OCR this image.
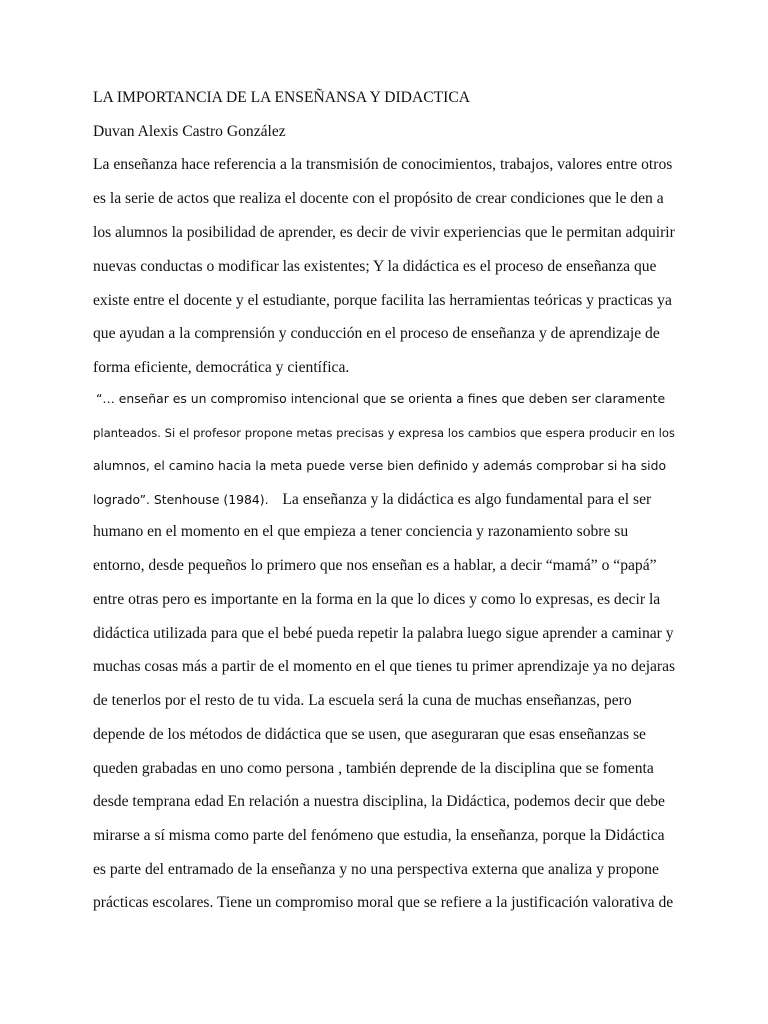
LA IMPORTANCIA DE LA ENSEÑANSA Y DIDACTICA
Duvan Alexis Castro González
La enseñanza hace referencia a la transmisión de conocimientos, trabajos, valores entre otros
es la serie de actos que realiza el docente con el propósito de crear condiciones que le den a
los alumnos la posibilidad de aprender, es decir de vivir experiencias que le permitan adquirir
nuevas conductas o modificar las existentes; Y la didáctica es el proceso de enseñanza que
existe entre el docente y el estudiante, porque facilita las herramientas teóricas y practicas ya
que ayudan a la comprensión y conducción en el proceso de enseñanza y de aprendizaje de
forma eficiente, democrática y científica.
“… enseñar es un compromiso intencional que se orienta a fines que deben ser claramente
planteados. Si el profesor propone metas precisas y expresa los cambios que espera producir en los
alumnos, el camino hacia la meta puede verse bien definido y además comprobar si ha sido
logrado”. Stenhouse (1984). La enseñanza y la didáctica es algo fundamental para el ser
humano en el momento en el que empieza a tener conciencia y razonamiento sobre su
entorno, desde pequeños lo primero que nos enseñan es a hablar, a decir “mamá” o “papá”
entre otras pero es importante en la forma en la que lo dices y como lo expresas, es decir la
didáctica utilizada para que el bebé pueda repetir la palabra luego sigue aprender a caminar y
muchas cosas más a partir de el momento en el que tienes tu primer aprendizaje ya no dejaras
de tenerlos por el resto de tu vida. La escuela será la cuna de muchas enseñanzas, pero
depende de los métodos de didáctica que se usen, que aseguraran que esas enseñanzas se
queden grabadas en uno como persona , también deprende de la disciplina que se fomenta
desde temprana edad En relación a nuestra disciplina, la Didáctica, podemos decir que debe
mirarse a sí misma como parte del fenómeno que estudia, la enseñanza, porque la Didáctica
es parte del entramado de la enseñanza y no una perspectiva externa que analiza y propone
prácticas escolares. Tiene un compromiso moral que se refiere a la justificación valorativa de
